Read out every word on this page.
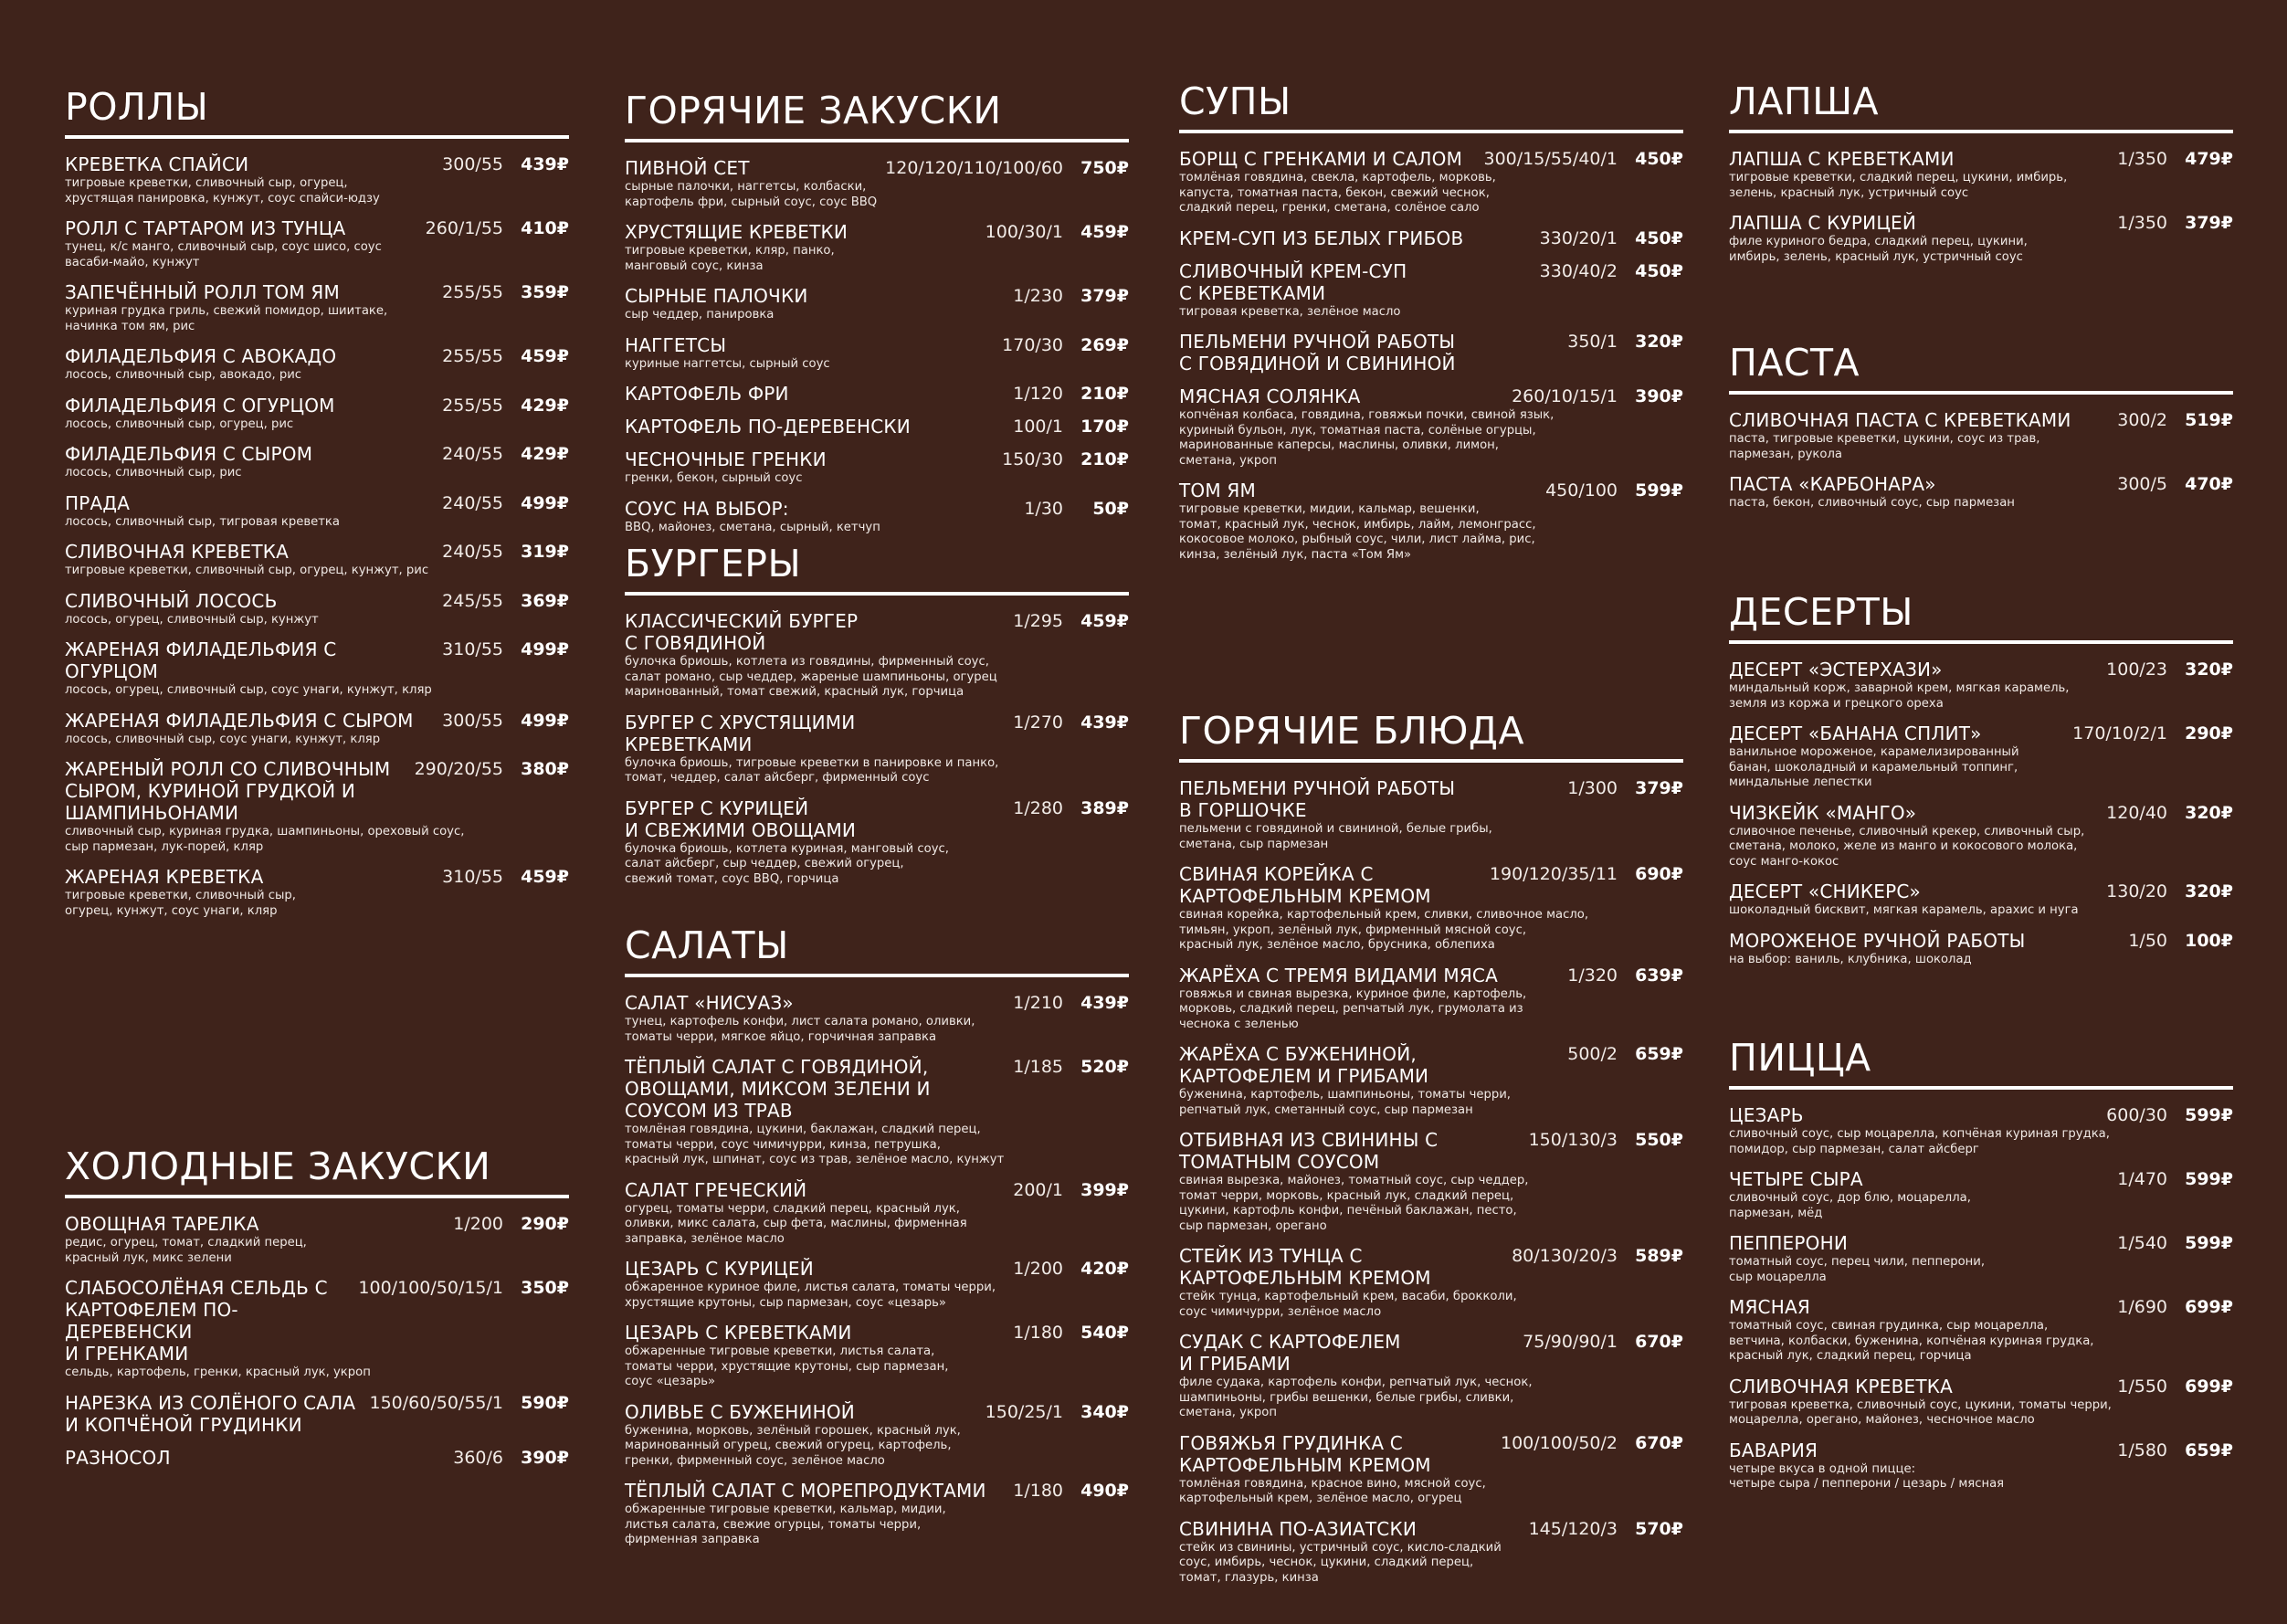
РОЛЛЫ
КРЕВЕТКА СПАЙСИ	300/55	439₽
тигровые креветки, сливочный сыр, огурец,
хрустящая панировка, кунжут, соус спайси-юдзу
РОЛЛ С ТАРТАРОМ ИЗ ТУНЦА	260/1/55	410₽
тунец, к/с манго, сливочный сыр, соус шисо, соус
васаби-майо, кунжут
ЗАПЕЧЁННЫЙ РОЛЛ ТОМ ЯМ	255/55	359₽
куриная грудка гриль, свежий помидор, шиитаке,
начинка том ям, рис
ФИЛАДЕЛЬФИЯ С АВОКАДО	255/55	459₽
лосось, сливочный сыр, авокадо, рис
ФИЛАДЕЛЬФИЯ С ОГУРЦОМ	255/55	429₽
лосось, сливочный сыр, огурец, рис
ФИЛАДЕЛЬФИЯ С СЫРОМ	240/55	429₽
лосось, сливочный сыр, рис
ПРАДА	240/55	499₽
лосось, сливочный сыр, тигровая креветка
СЛИВОЧНАЯ КРЕВЕТКА	240/55	319₽
тигровые креветки, сливочный сыр, огурец, кунжут, рис
СЛИВОЧНЫЙ ЛОСОСЬ	245/55	369₽
лосось, огурец, сливочный сыр, кунжут
ЖАРЕНАЯ ФИЛАДЕЛЬФИЯ С ОГУРЦОМ
310/55	499₽
лосось, огурец, сливочный сыр, соус унаги, кунжут, кляр
ЖАРЕНАЯ ФИЛАДЕЛЬФИЯ С СЫРОМ	300/55	499₽
лосось, сливочный сыр, соус унаги, кунжут, кляр
ЖАРЕНЫЙ РОЛЛ СО СЛИВОЧНЫМ
СЫРОМ, КУРИНОЙ ГРУДКОЙ И
ШАМПИНЬОНАМИ
290/20/55	380₽
сливочный сыр, куриная грудка, шампиньоны, ореховый соус,
сыр пармезан, лук-порей, кляр
ЖАРЕНАЯ КРЕВЕТКА	310/55	459₽
тигровые креветки, сливочный сыр,
огурец, кунжут, соус унаги, кляр
ХОЛОДНЫЕ ЗАКУСКИ
ОВОЩНАЯ ТАРЕЛКА	1/200	290₽
редис, огурец, томат, сладкий перец,
красный лук, микс зелени
СЛАБОСОЛЁНАЯ СЕЛЬДЬ С
КАРТОФЕЛЕМ ПО-ДЕРЕВЕНСКИ
И ГРЕНКАМИ
100/100/50/15/1	350₽
сельдь, картофель, гренки, красный лук, укроп
НАРЕЗКА ИЗ СОЛЁНОГО САЛА
И КОПЧЁНОЙ ГРУДИНКИ
150/60/50/55/1	590₽
РАЗНОСОЛ	360/6	390₽
ГОРЯЧИЕ ЗАКУСКИ
ПИВНОЙ СЕТ	120/120/110/100/60	750₽
сырные палочки, наггетсы, колбаски,
картофель фри, сырный соус, соус BBQ
ХРУСТЯЩИЕ КРЕВЕТКИ	100/30/1	459₽
тигровые креветки, кляр, панко,
манговый соус, кинза
СЫРНЫЕ ПАЛОЧКИ	1/230	379₽
сыр чеддер, панировка
НАГГЕТСЫ	170/30	269₽
куриные наггетсы, сырный соус
КАРТОФЕЛЬ ФРИ	1/120	210₽
КАРТОФЕЛЬ ПО-ДЕРЕВЕНСКИ	100/1	170₽
ЧЕСНОЧНЫЕ ГРЕНКИ	150/30	210₽
гренки, бекон, сырный соус
СОУС НА ВЫБОР:	1/30	50₽
BBQ, майонез, сметана, сырный, кетчуп
БУРГЕРЫ
КЛАССИЧЕСКИЙ БУРГЕР
С ГОВЯДИНОЙ
1/295	459₽
булочка бриошь, котлета из говядины, фирменный соус,
салат романо, сыр чеддер, жареные шампиньоны, огурец
маринованный, томат свежий, красный лук, горчица
БУРГЕР С ХРУСТЯЩИМИ
КРЕВЕТКАМИ
1/270	439₽
булочка бриошь, тигровые креветки в панировке и панко,
томат, чеддер, салат айсберг, фирменный соус
БУРГЕР С КУРИЦЕЙ
И СВЕЖИМИ ОВОЩАМИ
1/280	389₽
булочка бриошь, котлета куриная, манговый соус,
салат айсберг, сыр чеддер, свежий огурец,
свежий томат, соус BBQ, горчица
САЛАТЫ
САЛАТ «НИСУАЗ»	1/210	439₽
тунец, картофель конфи, лист салата романо, оливки,
томаты черри, мягкое яйцо, горчичная заправка
ТЁПЛЫЙ САЛАТ С ГОВЯДИНОЙ,
ОВОЩАМИ, МИКСОМ ЗЕЛЕНИ И
СОУСОМ ИЗ ТРАВ
1/185	520₽
томлёная говядина, цукини, баклажан, сладкий перец,
томаты черри, соус чимичурри, кинза, петрушка,
красный лук, шпинат, соус из трав, зелёное масло, кунжут
САЛАТ ГРЕЧЕСКИЙ	200/1	399₽
огурец, томаты черри, сладкий перец, красный лук,
оливки, микс салата, сыр фета, маслины, фирменная
заправка, зелёное масло
ЦЕЗАРЬ С КУРИЦЕЙ	1/200	420₽
обжаренное куриное филе, листья салата, томаты черри,
хрустящие крутоны, сыр пармезан, соус «цезарь»
ЦЕЗАРЬ С КРЕВЕТКАМИ	1/180	540₽
обжаренные тигровые креветки, листья салата,
томаты черри, хрустящие крутоны, сыр пармезан,
соус «цезарь»
ОЛИВЬЕ С БУЖЕНИНОЙ	150/25/1	340₽
буженина, морковь, зелёный горошек, красный лук,
маринованный огурец, свежий огурец, картофель,
гренки, фирменный соус, зелёное масло
ТЁПЛЫЙ САЛАТ С МОРЕПРОДУКТАМИ	1/180	490₽
обжаренные тигровые креветки, кальмар, мидии,
листья салата, свежие огурцы, томаты черри,
фирменная заправка
СУПЫ
БОРЩ С ГРЕНКАМИ И САЛОМ	300/15/55/40/1	450₽
томлёная говядина, свекла, картофель, морковь,
капуста, томатная паста, бекон, свежий чеснок,
сладкий перец, гренки, сметана, солёное сало
КРЕМ-СУП ИЗ БЕЛЫХ ГРИБОВ	330/20/1	450₽
СЛИВОЧНЫЙ КРЕМ-СУП
С КРЕВЕТКАМИ
330/40/2	450₽
тигровая креветка, зелёное масло
ПЕЛЬМЕНИ РУЧНОЙ РАБОТЫ
С ГОВЯДИНОЙ И СВИНИНОЙ
350/1	320₽
МЯСНАЯ СОЛЯНКА	260/10/15/1	390₽
копчёная колбаса, говядина, говяжьи почки, свиной язык,
куриный бульон, лук, томатная паста, солёные огурцы,
маринованные каперсы, маслины, оливки, лимон,
сметана, укроп
ТОМ ЯМ	450/100	599₽
тигровые креветки, мидии, кальмар, вешенки,
томат, красный лук, чеснок, имбирь, лайм, лемонграсс,
кокосовое молоко, рыбный соус, чили, лист лайма, рис,
кинза, зелёный лук, паста «Том Ям»
ГОРЯЧИЕ БЛЮДА
ПЕЛЬМЕНИ РУЧНОЙ РАБОТЫ
В ГОРШОЧКЕ
1/300	379₽
пельмени с говядиной и свининой, белые грибы,
сметана, сыр пармезан
СВИНАЯ КОРЕЙКА С
КАРТОФЕЛЬНЫМ КРЕМОМ
190/120/35/11	690₽
свиная корейка, картофельный крем, сливки, сливочное масло,
тимьян, укроп, зелёный лук, фирменный мясной соус,
красный лук, зелёное масло, брусника, облепиха
ЖАРЁХА С ТРЕМЯ ВИДАМИ МЯСА	1/320	639₽
говяжья и свиная вырезка, куриное филе, картофель,
морковь, сладкий перец, репчатый лук, грумолата из
чеснока с зеленью
ЖАРЁХА С БУЖЕНИНОЙ,
КАРТОФЕЛЕМ И ГРИБАМИ
500/2	659₽
буженина, картофель, шампиньоны, томаты черри,
репчатый лук, сметанный соус, сыр пармезан
ОТБИВНАЯ ИЗ СВИНИНЫ С
ТОМАТНЫМ СОУСОМ
150/130/3	550₽
свиная вырезка, майонез, томатный соус, сыр чеддер,
томат черри, морковь, красный лук, сладкий перец,
цукини, картофль конфи, печёный баклажан, песто,
сыр пармезан, орегано
СТЕЙК ИЗ ТУНЦА С
КАРТОФЕЛЬНЫМ КРЕМОМ
80/130/20/3	589₽
стейк тунца, картофельный крем, васаби, брокколи,
соус чимичурри, зелёное масло
СУДАК С КАРТОФЕЛЕМ
И ГРИБАМИ
75/90/90/1	670₽
филе судака, картофель конфи, репчатый лук, чеснок,
шампиньоны, грибы вешенки, белые грибы, сливки,
сметана, укроп
ГОВЯЖЬЯ ГРУДИНКА С
КАРТОФЕЛЬНЫМ КРЕМОМ
100/100/50/2	670₽
томлёная говядина, красное вино, мясной соус,
картофельный крем, зелёное масло, огурец
СВИНИНА ПО-АЗИАТСКИ	145/120/3	570₽
стейк из свинины, устричный соус, кисло-сладкий
соус, имбирь, чеснок, цукини, сладкий перец,
томат, глазурь, кинза
ЛАПША
ЛАПША С КРЕВЕТКАМИ	1/350	479₽
тигровые креветки, сладкий перец, цукини, имбирь,
зелень, красный лук, устричный соус
ЛАПША С КУРИЦЕЙ	1/350	379₽
филе куриного бедра, сладкий перец, цукини,
имбирь, зелень, красный лук, устричный соус
ПАСТА
СЛИВОЧНАЯ ПАСТА С КРЕВЕТКАМИ	300/2	519₽
паста, тигровые креветки, цукини, соус из трав,
пармезан, рукола
ПАСТА «КАРБОНАРА»	300/5	470₽
паста, бекон, сливочный соус, сыр пармезан
ДЕСЕРТЫ
ДЕСЕРТ «ЭСТЕРХАЗИ»	100/23	320₽
миндальный корж, заварной крем, мягкая карамель,
земля из коржа и грецкого ореха
ДЕСЕРТ «БАНАНА СПЛИТ»	170/10/2/1	290₽
ванильное мороженое, карамелизированный
банан, шоколадный и карамельный топпинг,
миндальные лепестки
ЧИЗКЕЙК «МАНГО»	120/40	320₽
сливочное печенье, сливочный крекер, сливочный сыр,
сметана, молоко, желе из манго и кокосового молока,
соус манго-кокос
ДЕСЕРТ «СНИКЕРС»	130/20	320₽
шоколадный бисквит, мягкая карамель, арахис и нуга
МОРОЖЕНОЕ РУЧНОЙ РАБОТЫ	1/50	100₽
на выбор: ваниль, клубника, шоколад
ПИЦЦА
ЦЕЗАРЬ	600/30	599₽
сливочный соус, сыр моцарелла, копчёная куриная грудка,
помидор, сыр пармезан, салат айсберг
ЧЕТЫРЕ СЫРА	1/470	599₽
сливочный соус, дор блю, моцарелла,
пармезан, мёд
ПЕППЕРОНИ	1/540	599₽
томатный соус, перец чили, пепперони,
сыр моцарелла
МЯСНАЯ	1/690	699₽
томатный соус, свиная грудинка, сыр моцарелла,
ветчина, колбаски, буженина, копчёная куриная грудка,
красный лук, сладкий перец, горчица
СЛИВОЧНАЯ КРЕВЕТКА	1/550	699₽
тигровая креветка, сливочный соус, цукини, томаты черри,
моцарелла, орегано, майонез, чесночное масло
БАВАРИЯ	1/580	659₽
четыре вкуса в одной пицце:
четыре сыра / пепперони / цезарь / мясная
